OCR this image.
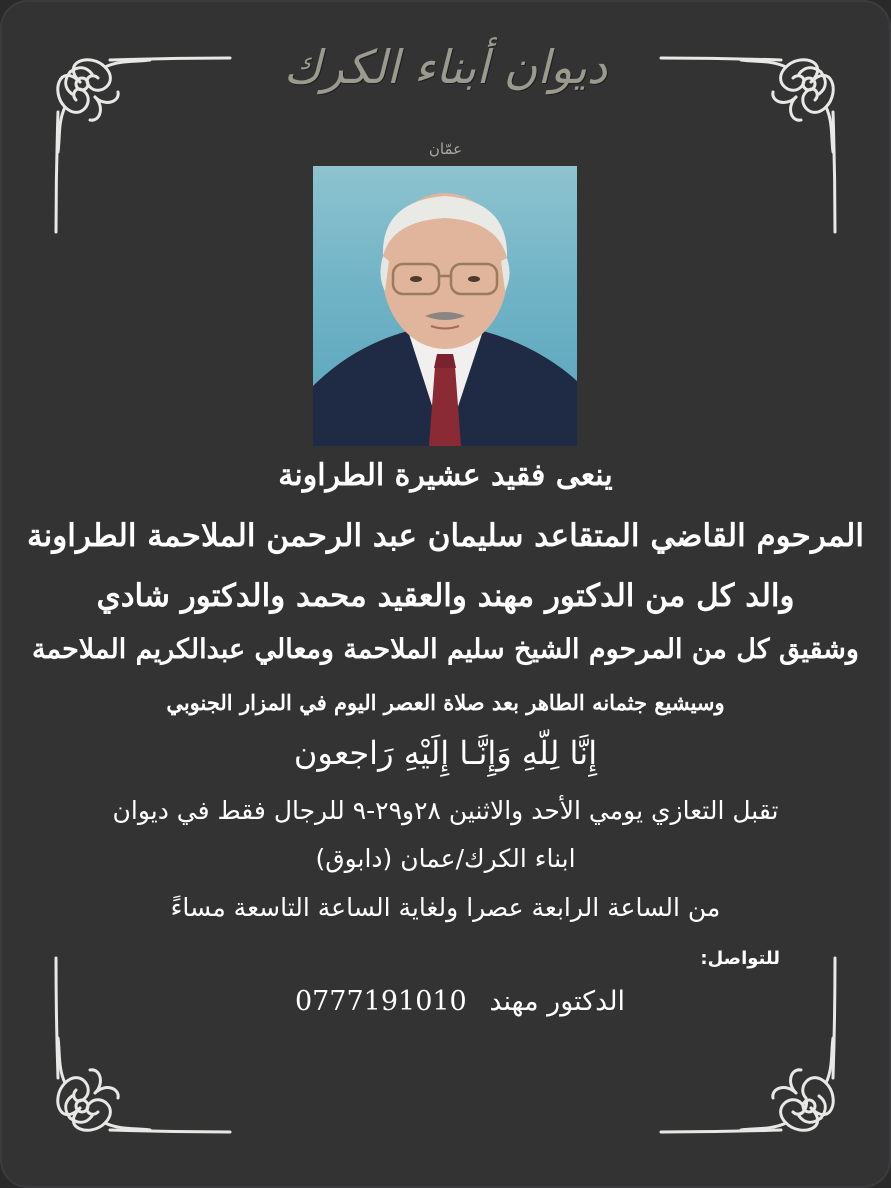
ديوان أبناء الكرك
عمّان
ينعى فقيد عشيرة الطراونة
المرحوم القاضي المتقاعد سليمان عبد الرحمن الملاحمة الطراونة
والد كل من الدكتور مهند والعقيد محمد والدكتور شادي
وشقيق كل من المرحوم الشيخ سليم الملاحمة ومعالي عبدالكريم الملاحمة
وسيشيع جثمانه الطاهر بعد صلاة العصر اليوم في المزار الجنوبي
إِنَّا لِلّهِ وَإِنَّـا إِلَيْهِ رَاجعون
تقبل التعازي يومي الأحد والاثنين ٢٨و٢٩-٩ للرجال فقط في ديوان
ابناء الكرك/عمان (دابوق)
من الساعة الرابعة عصرا ولغاية الساعة التاسعة مساءً
للتواصل:
الدكتور مهند 0777191010
